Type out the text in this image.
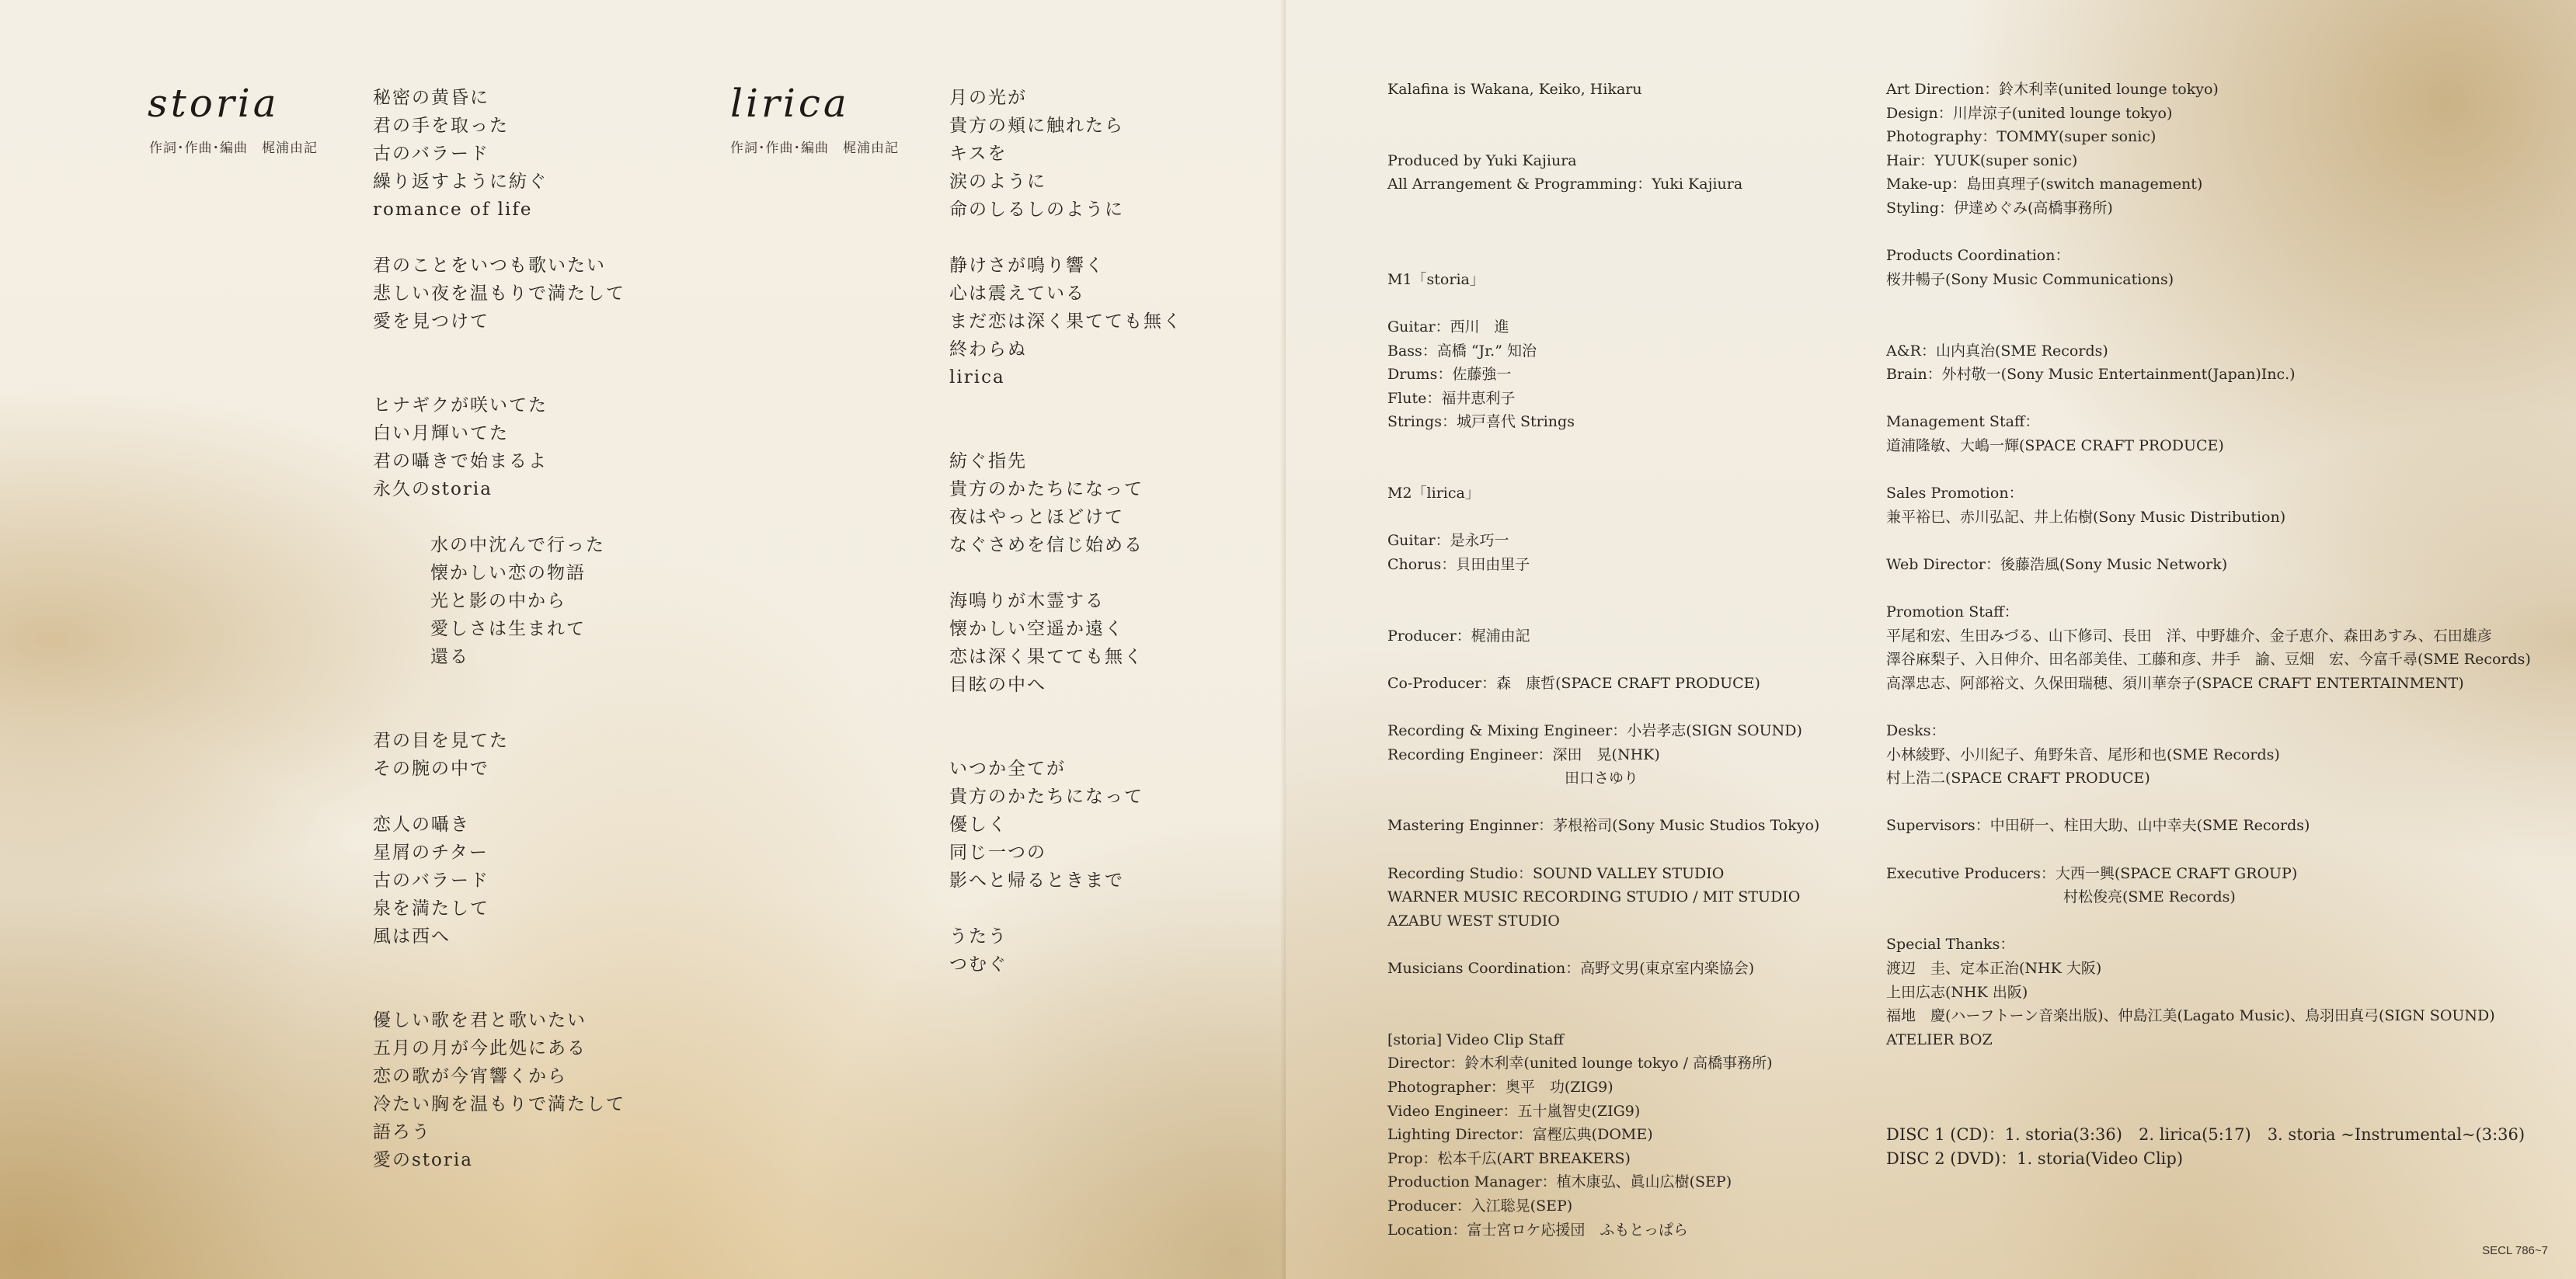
storia
作詞･作曲･編曲　梶浦由記
秘密の黄昏に
君の手を取った
古のバラード
繰り返すように紡ぐ
romance of life
君のことをいつも歌いたい
悲しい夜を温もりで満たして
愛を見つけて
ヒナギクが咲いてた
白い月輝いてた
君の囁きで始まるよ
永久のstoria
水の中沈んで行った
懐かしい恋の物語
光と影の中から
愛しさは生まれて
還る
君の目を見てた
その腕の中で
恋人の囁き
星屑のチター
古のバラード
泉を満たして
風は西へ
優しい歌を君と歌いたい
五月の月が今此処にある
恋の歌が今宵響くから
冷たい胸を温もりで満たして
語ろう
愛のstoria
lirica
作詞･作曲･編曲　梶浦由記
月の光が
貴方の頬に触れたら
キスを
涙のように
命のしるしのように
静けさが鳴り響く
心は震えている
まだ恋は深く果てても無く
終わらぬ
lirica
紡ぐ指先
貴方のかたちになって
夜はやっとほどけて
なぐさめを信じ始める
海鳴りが木霊する
懐かしい空遥か遠く
恋は深く果てても無く
目眩の中へ
いつか全てが
貴方のかたちになって
優しく
同じ一つの
影へと帰るときまで
うたう
つむぐ
Kalafina is Wakana, Keiko, Hikaru
Produced by Yuki Kajiura
All Arrangement & Programming：Yuki Kajiura
M1「storia」
Guitar：西川　進
Bass：高橋 “Jr.” 知治
Drums：佐藤強一
Flute：福井恵利子
Strings：城戸喜代 Strings
M2「lirica」
Guitar：是永巧一
Chorus：貝田由里子
Producer：梶浦由記
Co-Producer：森　康哲(SPACE CRAFT PRODUCE)
Recording & Mixing Engineer：小岩孝志(SIGN SOUND)
Recording Engineer：深田　晃(NHK)
　　　　　　　　　　　　田口さゆり
Mastering Enginner：茅根裕司(Sony Music Studios Tokyo)
Recording Studio：SOUND VALLEY STUDIO
WARNER MUSIC RECORDING STUDIO / MIT STUDIO
AZABU WEST STUDIO
Musicians Coordination：高野文男(東京室内楽協会)
[storia] Video Clip Staff
Director：鈴木利幸(united lounge tokyo / 高橋事務所)
Photographer：奥平　功(ZIG9)
Video Engineer：五十嵐智史(ZIG9)
Lighting Director：富樫広典(DOME)
Prop：松本千広(ART BREAKERS)
Production Manager：植木康弘、眞山広樹(SEP)
Producer：入江聡晃(SEP)
Location：富士宮ロケ応援団　ふもとっぱら
Art Direction：鈴木利幸(united lounge tokyo)
Design：川岸涼子(united lounge tokyo)
Photography：TOMMY(super sonic)
Hair：YUUK(super sonic)
Make-up：島田真理子(switch management)
Styling：伊達めぐみ(高橋事務所)
Products Coordination：
桜井暢子(Sony Music Communications)
A&R：山内真治(SME Records)
Brain：外村敬一(Sony Music Entertainment(Japan)Inc.)
Management Staff：
道浦隆敏、大嶋一輝(SPACE CRAFT PRODUCE)
Sales Promotion：
兼平裕巳、赤川弘記、井上佑樹(Sony Music Distribution)
Web Director：後藤浩風(Sony Music Network)
Promotion Staff：
平尾和宏、生田みづる、山下修司、長田　洋、中野雄介、金子恵介、森田あすみ、石田雄彦
澤谷麻梨子、入日伸介、田名部美佳、工藤和彦、井手　諭、豆畑　宏、今富千尋(SME Records)
高澤忠志、阿部裕文、久保田瑞穂、須川華奈子(SPACE CRAFT ENTERTAINMENT)
Desks：
小林綾野、小川紀子、角野朱音、尾形和也(SME Records)
村上浩二(SPACE CRAFT PRODUCE)
Supervisors：中田研一、柱田大助、山中幸夫(SME Records)
Executive Producers：大西一興(SPACE CRAFT GROUP)
　　　　　　　　　　　　村松俊亮(SME Records)
Special Thanks：
渡辺　圭、定本正治(NHK 大阪)
上田広志(NHK 出阪)
福地　慶(ハーフトーン音楽出版)、仲島江美(Lagato Music)、鳥羽田真弓(SIGN SOUND)
ATELIER BOZ
DISC 1 (CD)：1. storia(3:36)　2. lirica(5:17)　3. storia ~Instrumental~(3:36)
DISC 2 (DVD)：1. storia(Video Clip)
SECL 786~7
